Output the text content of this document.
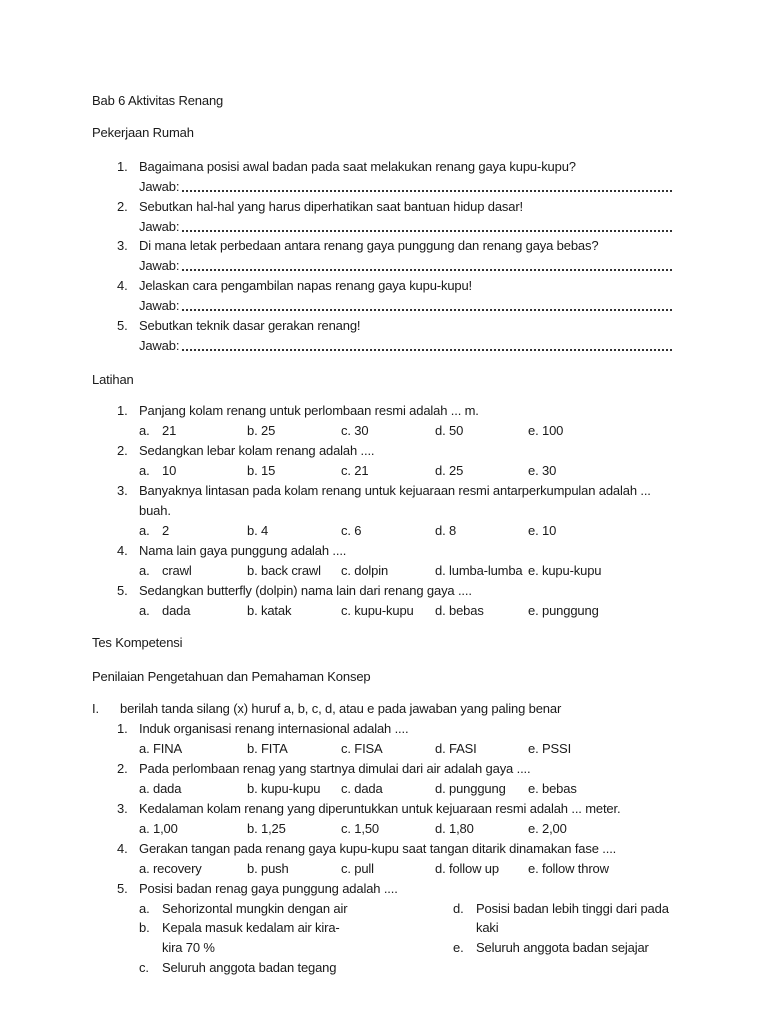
Bab 6 Aktivitas Renang
Pekerjaan Rumah
1. Bagaimana posisi awal badan pada saat melakukan renang gaya kupu-kupu?
Jawab:
2. Sebutkan hal-hal yang harus diperhatikan saat bantuan hidup dasar!
Jawab:
3. Di mana letak perbedaan antara renang gaya punggung dan renang gaya bebas?
Jawab:
4. Jelaskan cara pengambilan napas renang gaya kupu-kupu!
Jawab:
5. Sebutkan teknik dasar gerakan renang!
Jawab:
Latihan
1. Panjang kolam renang untuk perlombaan resmi adalah ... m.
a. 21	b. 25	c. 30	d. 50	e. 100
2. Sedangkan lebar kolam renang adalah ....
a. 10	b. 15	c. 21	d. 25	e. 30
3. Banyaknya lintasan pada kolam renang untuk kejuaraan resmi antarperkumpulan adalah ...
buah.
a. 2	b. 4	c. 6	d. 8	e. 10
4. Nama lain gaya punggung adalah ....
a. crawl	b. back crawl c. dolpin	d. lumba-lumba e. kupu-kupu
5. Sedangkan butterfly (dolpin) nama lain dari renang gaya ....
a. dada	b. katak	c. kupu-kupu d. bebas	e. punggung
Tes Kompetensi
Penilaian Pengetahuan dan Pemahaman Konsep
I. berilah tanda silang (x) huruf a, b, c, d, atau e pada jawaban yang paling benar
1. Induk organisasi renang internasional adalah ....
a. FINA	b. FITA	c. FISA	d. FASI	e. PSSI
2. Pada perlombaan renag yang startnya dimulai dari air adalah gaya ....
a. dada	b. kupu-kupu c. dada	d. punggung e. bebas
3. Kedalaman kolam renang yang diperuntukkan untuk kejuaraan resmi adalah ... meter.
a. 1,00	b. 1,25	c. 1,50	d. 1,80	e. 2,00
4. Gerakan tangan pada renang gaya kupu-kupu saat tangan ditarik dinamakan fase ....
a. recovery	b. push	c. pull	d. follow up e. follow throw
5. Posisi badan renag gaya punggung adalah ....
a. Sehorizontal mungkin dengan air
b. Kepala masuk kedalam air kira-
kira 70 %
c. Seluruh anggota badan tegang
d. Posisi badan lebih tinggi dari pada
kaki
e. Seluruh anggota badan sejajar
